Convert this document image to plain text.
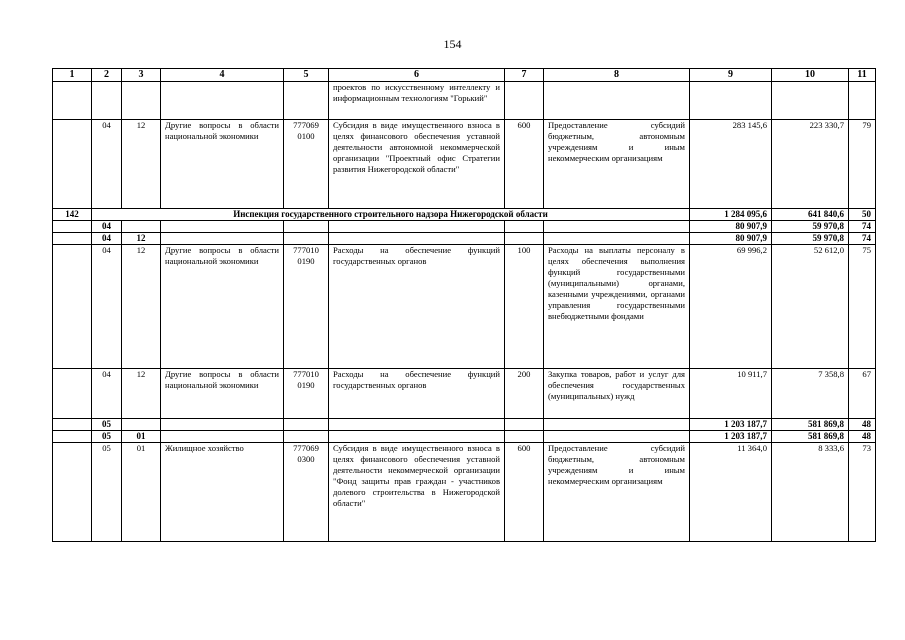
154
1	2	3	4	5	6	7	8	9	10	11
					проектов по искусственному интеллекту и информационным технологиям "Горький"					
	04	12	Другие вопросы в области национальной экономики	777069 0100	Субсидия в виде имущественного взноса в целях финансового обеспечения уставной деятельности автономной некоммерческой организации "Проектный офис Стратегии развития Нижегородской области"	600	Предоставление субсидий бюджетным, автономным учреждениям и иным некоммерческим организациям	283 145,6	223 330,7	79
142	Инспекция государственного строительного надзора Нижегородской области							1 284 095,6	641 840,6	50
	04							80 907,9	59 970,8	74
	04	12						80 907,9	59 970,8	74
	04	12	Другие вопросы в области национальной экономики	777010 0190	Расходы на обеспечение функций государственных органов	100	Расходы на выплаты персоналу в целях обеспечения выполнения функций государственными (муниципальными) органами, казенными учреждениями, органами управления государственными внебюджетными фондами	69 996,2	52 612,0	75
	04	12	Другие вопросы в области национальной экономики	777010 0190	Расходы на обеспечение функций государственных органов	200	Закупка товаров, работ и услуг для обеспечения государственных (муниципальных) нужд	10 911,7	7 358,8	67
	05							1 203 187,7	581 869,8	48
	05	01						1 203 187,7	581 869,8	48
	05	01	Жилищное хозяйство	777069 0300	Субсидия в виде имущественного взноса в целях финансового обеспечения уставной деятельности некоммерческой организации "Фонд защиты прав граждан - участников долевого строительства в Нижегородской области"	600	Предоставление субсидий бюджетным, автономным учреждениям и иным некоммерческим организациям	11 364,0	8 333,6	73
